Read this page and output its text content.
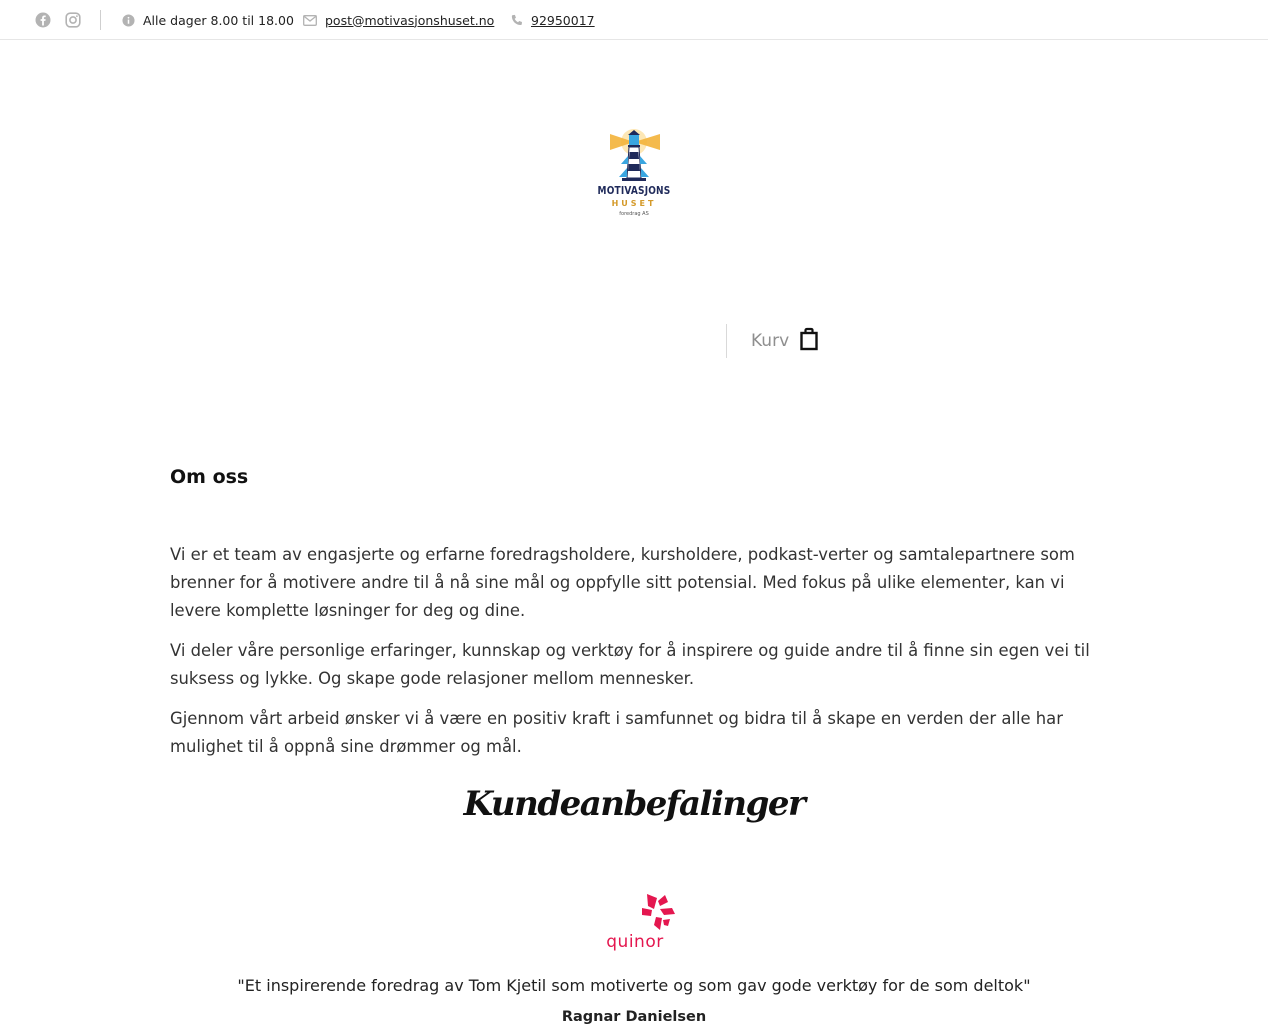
Alle dager 8.00 til 18.00 post@motivasjonshuset.no	92950017
MOTIVASJONS
HUSET
foredrag AS
Kurv
Om oss

Vi er et team av engasjerte og erfarne foredragsholdere, kursholdere, podkast-verter og samtalepartnere som brenner for å motivere andre til å nå sine mål og oppfylle sitt potensial. Med fokus på ulike elementer, kan vi levere komplette løsninger for deg og dine.

Vi deler våre personlige erfaringer, kunnskap og verktøy for å inspirere og guide andre til å finne sin egen vei til suksess og lykke. Og skape gode relasjoner mellom mennesker.

Gjennom vårt arbeid ønsker vi å være en positiv kraft i samfunnet og bidra til å skape en verden der alle har mulighet til å oppnå sine drømmer og mål.

Kundeanbefalinger
quinor

"Et inspirerende foredrag av Tom Kjetil som motiverte og som gav gode verktøy for de som deltok"

Ragnar Danielsen
